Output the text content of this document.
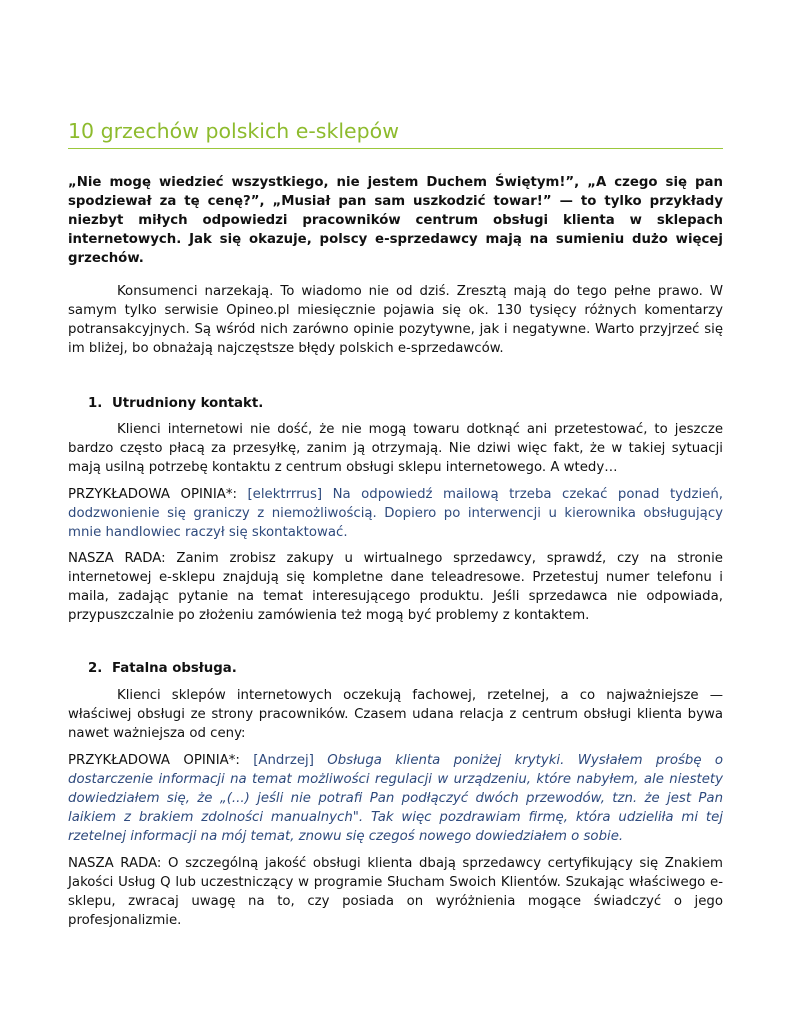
10 grzechów polskich e-sklepów

„Nie mogę wiedzieć wszystkiego, nie jestem Duchem Świętym!”, „A czego się pan spodziewał za tę cenę?”, „Musiał pan sam uszkodzić towar!” — to tylko przykłady niezbyt miłych odpowiedzi pracowników centrum obsługi klienta w sklepach internetowych. Jak się okazuje, polscy e-sprzedawcy mają na sumieniu dużo więcej grzechów.

Konsumenci narzekają. To wiadomo nie od dziś. Zresztą mają do tego pełne prawo. W samym tylko serwisie Opineo.pl miesięcznie pojawia się ok. 130 tysięcy różnych komentarzy potransakcyjnych. Są wśród nich zarówno opinie pozytywne, jak i negatywne. Warto przyjrzeć się im bliżej, bo obnażają najczęstsze błędy polskich e-sprzedawców.

1. Utrudniony kontakt.

Klienci internetowi nie dość, że nie mogą towaru dotknąć ani przetestować, to jeszcze bardzo często płacą za przesyłkę, zanim ją otrzymają. Nie dziwi więc fakt, że w takiej sytuacji mają usilną potrzebę kontaktu z centrum obsługi sklepu internetowego. A wtedy…

PRZYKŁADOWA OPINIA*: [elektrrrus] Na odpowiedź mailową trzeba czekać ponad tydzień, dodzwonienie się graniczy z niemożliwością. Dopiero po interwencji u kierownika obsługujący mnie handlowiec raczył się skontaktować.

NASZA RADA: Zanim zrobisz zakupy u wirtualnego sprzedawcy, sprawdź, czy na stronie internetowej e-sklepu znajdują się kompletne dane teleadresowe. Przetestuj numer telefonu i maila, zadając pytanie na temat interesującego produktu. Jeśli sprzedawca nie odpowiada, przypuszczalnie po złożeniu zamówienia też mogą być problemy z kontaktem.

2. Fatalna obsługa.

Klienci sklepów internetowych oczekują fachowej, rzetelnej, a co najważniejsze — właściwej obsługi ze strony pracowników. Czasem udana relacja z centrum obsługi klienta bywa nawet ważniejsza od ceny:

PRZYKŁADOWA OPINIA*: [Andrzej] Obsługa klienta poniżej krytyki. Wysłałem prośbę o dostarczenie informacji na temat możliwości regulacji w urządzeniu, które nabyłem, ale niestety dowiedziałem się, że „(...) jeśli nie potrafi Pan podłączyć dwóch przewodów, tzn. że jest Pan laikiem z brakiem zdolności manualnych". Tak więc pozdrawiam firmę, która udzieliła mi tej rzetelnej informacji na mój temat, znowu się czegoś nowego dowiedziałem o sobie.

NASZA RADA: O szczególną jakość obsługi klienta dbają sprzedawcy certyfikujący się Znakiem Jakości Usług Q lub uczestniczący w programie Słucham Swoich Klientów. Szukając właściwego e-sklepu, zwracaj uwagę na to, czy posiada on wyróżnienia mogące świadczyć o jego profesjonalizmie.
